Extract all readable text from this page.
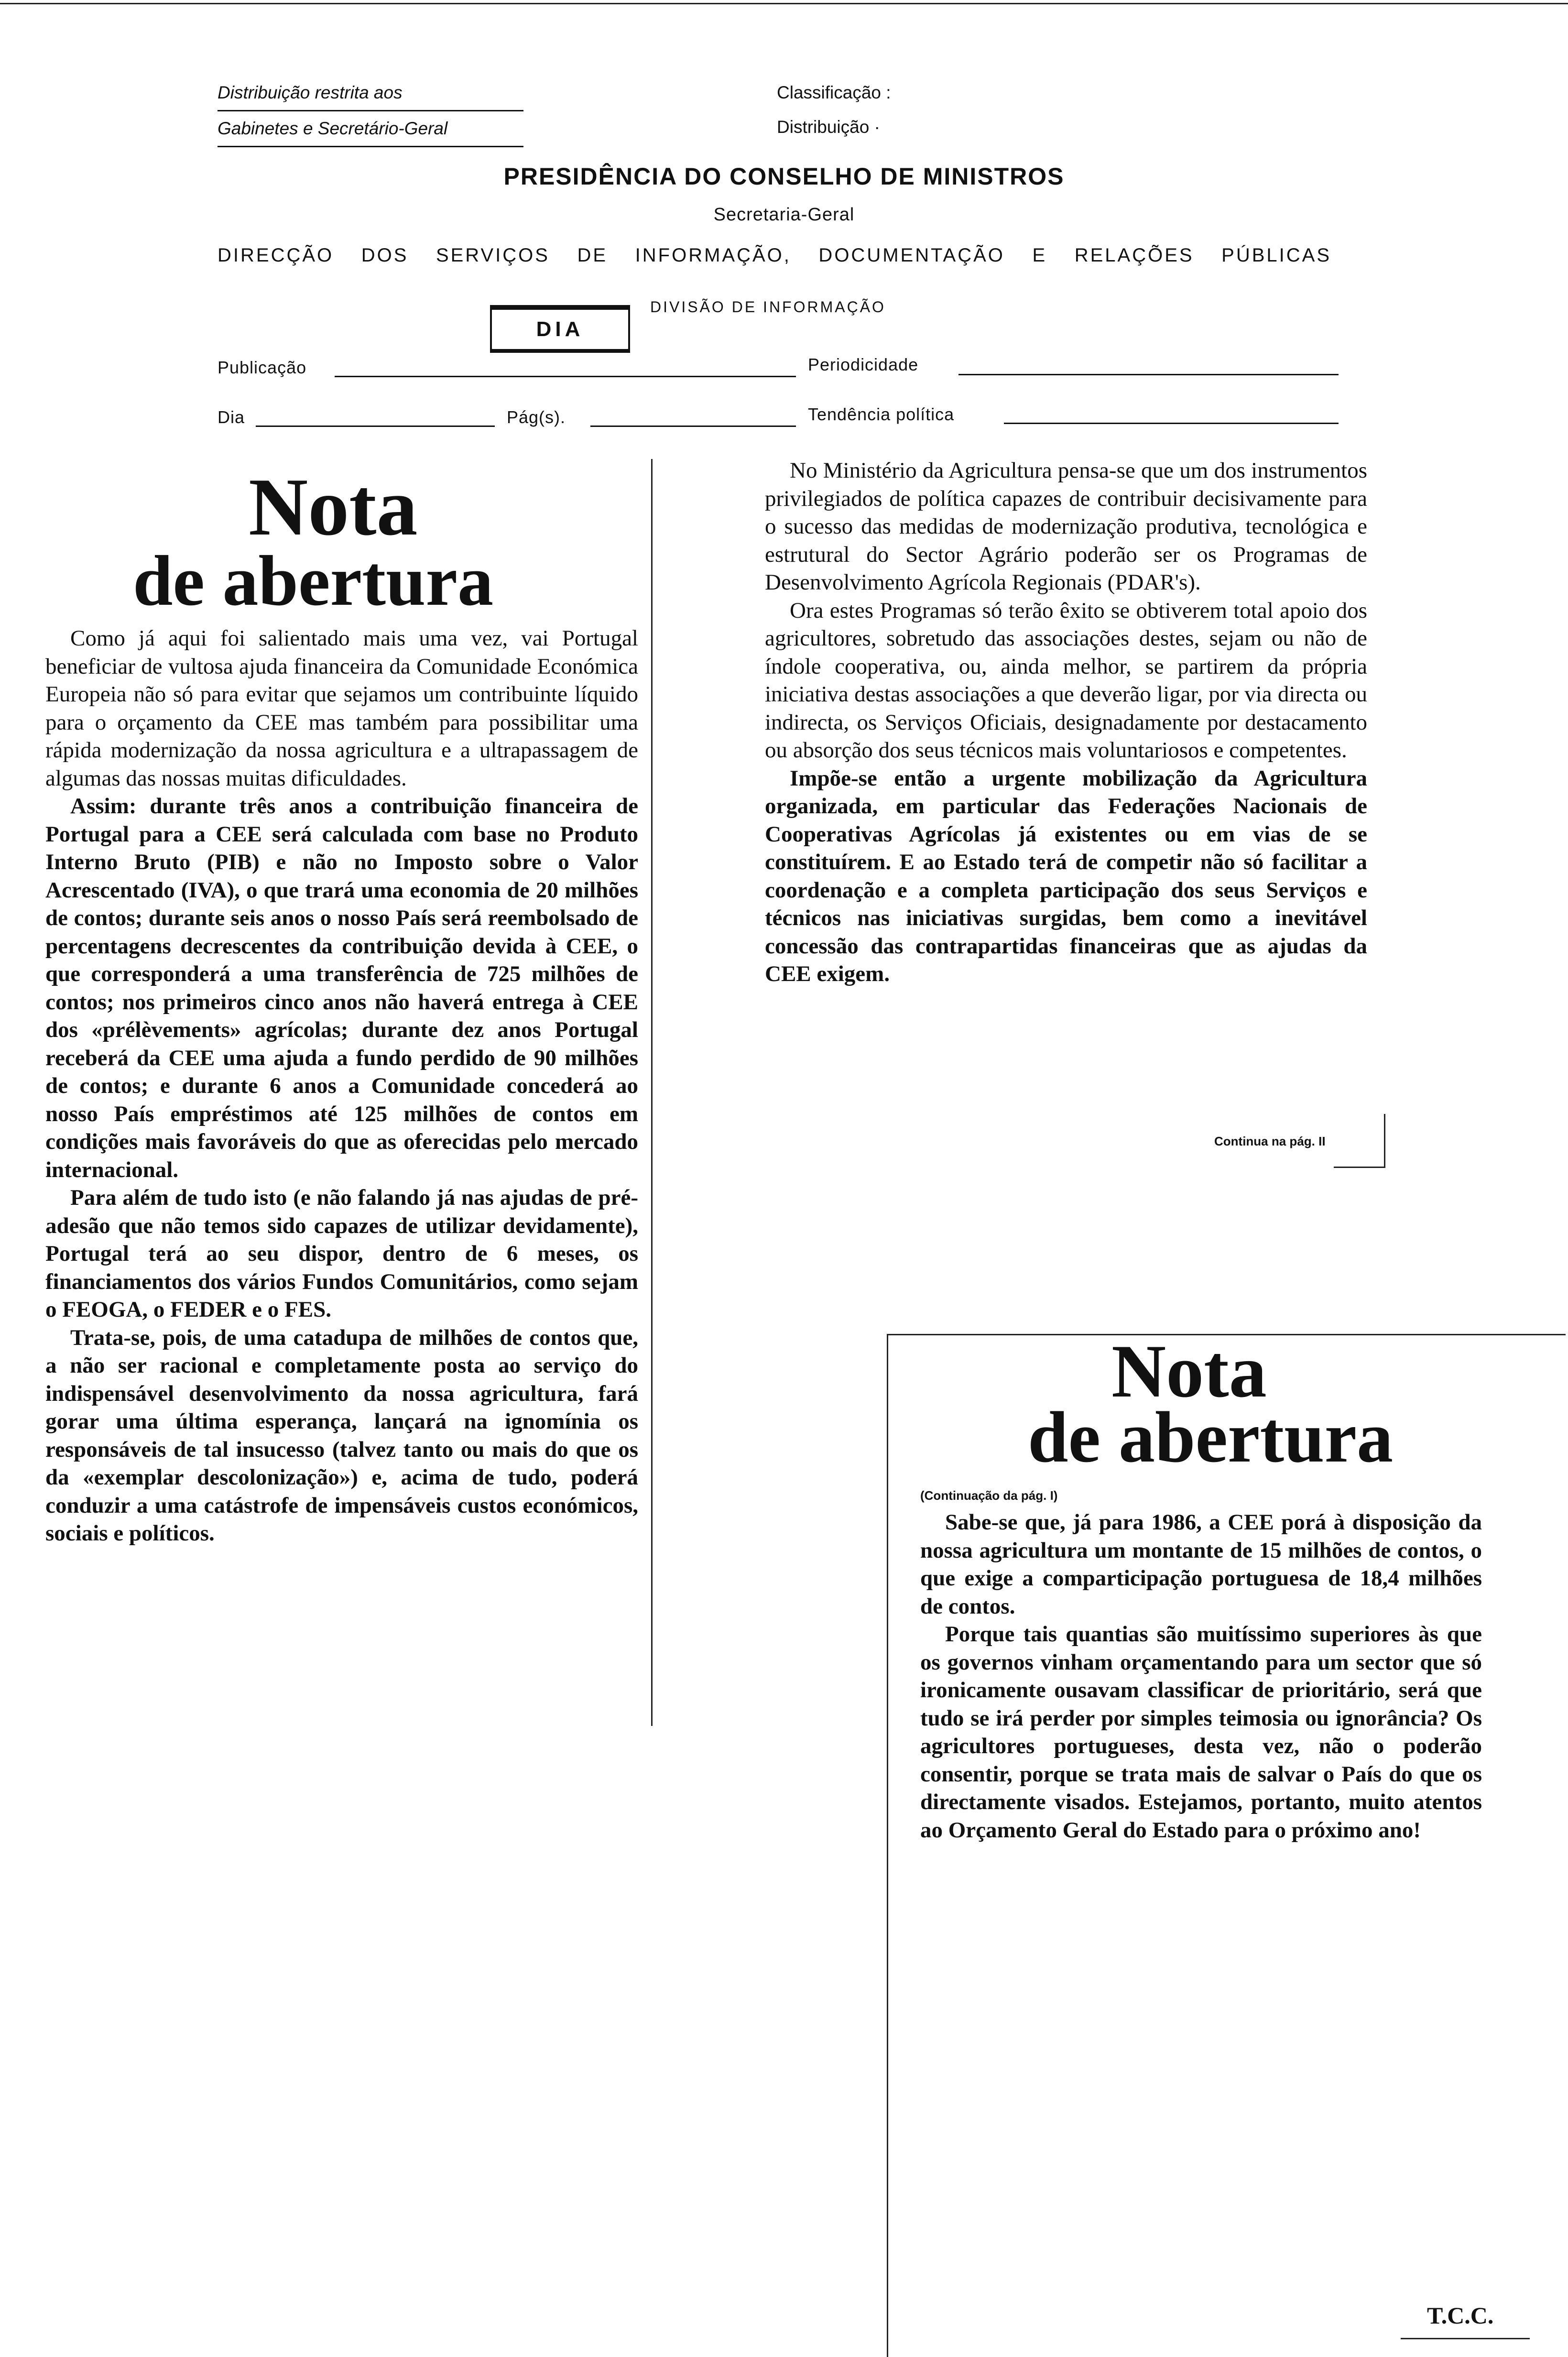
Distribuição restrita aos
Gabinetes e Secretário-Geral
Classificação :
Distribuição ·
PRESIDÊNCIA DO CONSELHO DE MINISTROS
Secretaria-Geral
DIRECÇÃO DOS SERVIÇOS DE INFORMAÇÃO, DOCUMENTAÇÃO E RELAÇÕES PÚBLICAS
DIA
DIVISÃO DE INFORMAÇÃO
Publicação	Periodicidade
Dia	Pág(s).	Tendência política
Nota
de abertura

Como já aqui foi salientado mais uma vez, vai Portugal beneficiar de vultosa ajuda financeira da Comunidade Económica Europeia não só para evitar que sejamos um contribuinte líquido para o orçamento da CEE mas também para possibilitar uma rápida modernização da nossa agricultura e a ultrapassagem de algumas das nossas muitas dificuldades.

Assim: durante três anos a contribuição financeira de Portugal para a CEE será calculada com base no Produto Interno Bruto (PIB) e não no Imposto sobre o Valor Acrescentado (IVA), o que trará uma economia de 20 milhões de contos; durante seis anos o nosso País será reembolsado de percentagens decrescentes da contribuição devida à CEE, o que corresponderá a uma transferência de 725 milhões de contos; nos primeiros cinco anos não haverá entrega à CEE dos «prélèvements» agrícolas; durante dez anos Portugal receberá da CEE uma ajuda a fundo perdido de 90 milhões de contos; e durante 6 anos a Comunidade concederá ao nosso País empréstimos até 125 milhões de contos em condições mais favoráveis do que as oferecidas pelo mercado internacional.

Para além de tudo isto (e não falando já nas ajudas de pré-adesão que não temos sido capazes de utilizar devidamente), Portugal terá ao seu dispor, dentro de 6 meses, os financiamentos dos vários Fundos Comunitários, como sejam o FEOGA, o FEDER e o FES.

Trata-se, pois, de uma catadupa de milhões de contos que, a não ser racional e completamente posta ao serviço do indispensável desenvolvimento da nossa agricultura, fará gorar uma última esperança, lançará na ignomínia os responsáveis de tal insucesso (talvez tanto ou mais do que os da «exemplar descolonização») e, acima de tudo, poderá conduzir a uma catástrofe de impensáveis custos económicos, sociais e políticos.

No Ministério da Agricultura pensa-se que um dos instrumentos privilegiados de política capazes de contribuir decisivamente para o sucesso das medidas de modernização produtiva, tecnológica e estrutural do Sector Agrário poderão ser os Programas de Desenvolvimento Agrícola Regionais (PDAR's).

Ora estes Programas só terão êxito se obtiverem total apoio dos agricultores, sobretudo das associações destes, sejam ou não de índole cooperativa, ou, ainda melhor, se partirem da própria iniciativa destas associações a que deverão ligar, por via directa ou indirecta, os Serviços Oficiais, designadamente por destacamento ou absorção dos seus técnicos mais voluntariosos e competentes.

Impõe-se então a urgente mobilização da Agricultura organizada, em particular das Federações Nacionais de Cooperativas Agrícolas já existentes ou em vias de se constituírem. E ao Estado terá de competir não só facilitar a coordenação e a completa participação dos seus Serviços e técnicos nas iniciativas surgidas, bem como a inevitável concessão das contrapartidas financeiras que as ajudas da CEE exigem.

Continua na pág. II
Nota
de abertura
(Continuação da pág. I)

Sabe-se que, já para 1986, a CEE porá à disposição da nossa agricultura um montante de 15 milhões de contos, o que exige a comparticipação portuguesa de 18,4 milhões de contos.

Porque tais quantias são muitíssimo superiores às que os governos vinham orçamentando para um sector que só ironicamente ousavam classificar de prioritário, será que tudo se irá perder por simples teimosia ou ignorância? Os agricultores portugueses, desta vez, não o poderão consentir, porque se trata mais de salvar o País do que os directamente visados. Estejamos, portanto, muito atentos ao Orçamento Geral do Estado para o próximo ano!

T.C.C.
